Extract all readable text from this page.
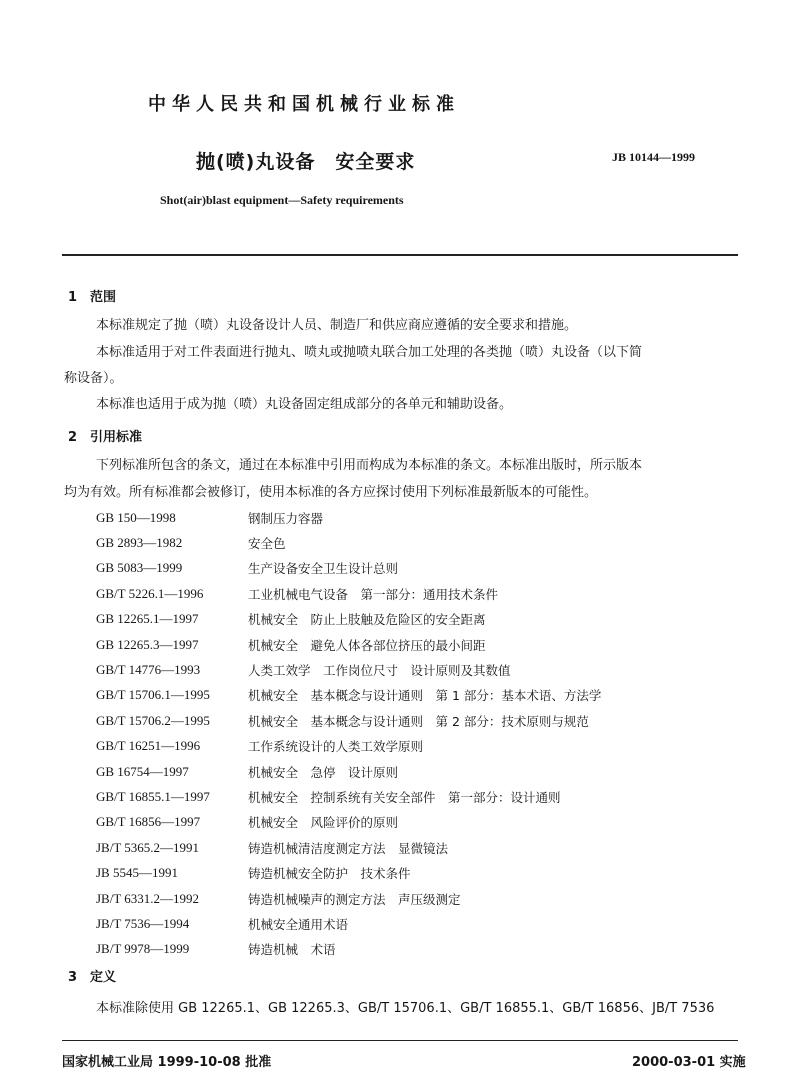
中华人民共和国机械行业标准
抛(喷)丸设备　安全要求	JB 10144—1999
Shot(air)blast equipment—Safety requirements
1 范围
本标准规定了抛（喷）丸设备设计人员、制造厂和供应商应遵循的安全要求和措施。
本标准适用于对工件表面进行抛丸、喷丸或抛喷丸联合加工处理的各类抛（喷）丸设备（以下简
称设备）。
本标准也适用于成为抛（喷）丸设备固定组成部分的各单元和辅助设备。
2 引用标准
下列标准所包含的条文，通过在本标准中引用而构成为本标准的条文。本标准出版时，所示版本
均为有效。所有标准都会被修订，使用本标准的各方应探讨使用下列标准最新版本的可能性。
GB 150—1998	钢制压力容器
GB 2893—1982	安全色
GB 5083—1999	生产设备安全卫生设计总则
GB/T 5226.1—1996	工业机械电气设备　第一部分：通用技术条件
GB 12265.1—1997	机械安全　防止上肢触及危险区的安全距离
GB 12265.3—1997	机械安全　避免人体各部位挤压的最小间距
GB/T 14776—1993	人类工效学　工作岗位尺寸　设计原则及其数值
GB/T 15706.1—1995	机械安全　基本概念与设计通则　第 1 部分：基本术语、方法学
GB/T 15706.2—1995	机械安全　基本概念与设计通则　第 2 部分：技术原则与规范
GB/T 16251—1996	工作系统设计的人类工效学原则
GB 16754—1997	机械安全　急停　设计原则
GB/T 16855.1—1997	机械安全　控制系统有关安全部件　第一部分：设计通则
GB/T 16856—1997	机械安全　风险评价的原则
JB/T 5365.2—1991	铸造机械清洁度测定方法　显微镜法
JB 5545—1991	铸造机械安全防护　技术条件
JB/T 6331.2—1992	铸造机械噪声的测定方法　声压级测定
JB/T 7536—1994	机械安全通用术语
JB/T 9978—1999	铸造机械　术语
3 定义
本标准除使用 GB 12265.1、GB 12265.3、GB/T 15706.1、GB/T 16855.1、GB/T 16856、JB/T 7536
国家机械工业局 1999-10-08 批准	2000-03-01 实施
